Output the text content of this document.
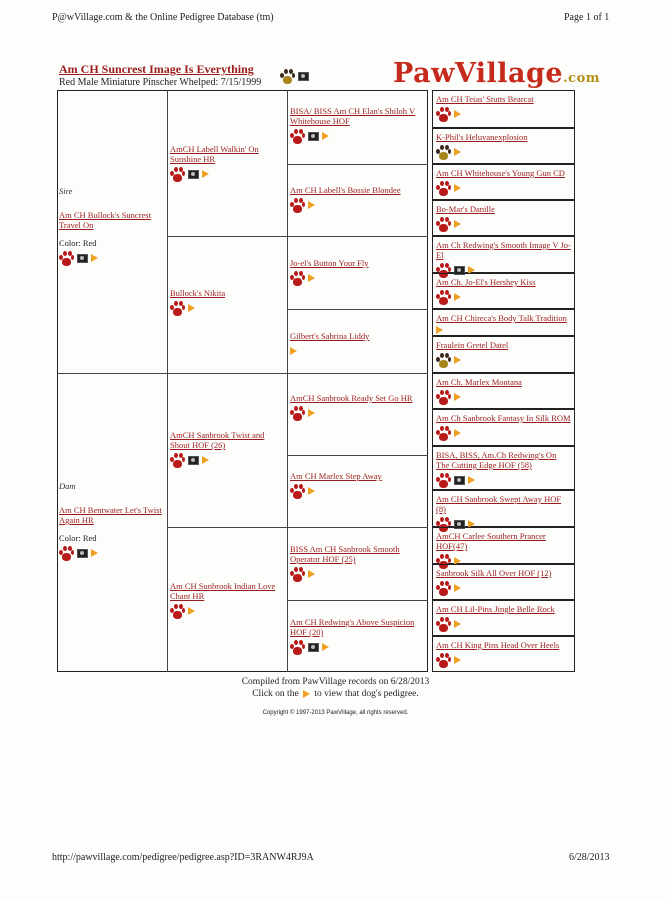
P@wVillage.com & the Online Pedigree Database (tm)	Page 1 of 1
http://pawvillage.com/pedigree/pedigree.asp?ID=3RANW4RJ9A	6/28/2013
Am CH Suncrest Image Is Everything
Red Male Miniature Pinscher Whelped: 7/15/1999	PawVillage.com
Sire
Am CH Bullock's Suncrest Travel On
Color: Red
Dam
Am CH Bentwater Let's Twist Again HR
Color: Red
AmCH Labell Walkin' On Sunshine HR
Bullock's Nikita
AmCH Sanbrook Twist and Shout HOF (26)
Am CH Sunbrook Indian Love Chant HR
BISA/ BISS Am CH Elan's Shiloh V Whitehouse HOF
Am CH Labell's Bossie Blondee
Jo-el's Button Your Fly
Gilbert's Sabrina Liddy
AmCH Sanbrook Ready Set Go HR
Am CH Marlex Step Away
BISS Am CH Sanbrook Smooth Operator HOF (25)
Am CH Redwing's Above Suspicion HOF (20)
Am CH Teias' Stutts Bearcat
K-Phil's Heluvanexplosion
Am CH Whitehouse's Young Gun CD
Bo-Mar's Danille
Am Ch Redwing's Smooth Image V Jo-El
Am Ch. Jo-El's Hershey Kiss
Am CH Chireca's Body Talk Tradition
Fraulein Gretel Datel
Am Ch. Marlex Montana
Am Ch Sanbrook Fantasy In Silk ROM
BISA, BISS, Am.Ch Redwing's On The Cutting Edge HOF (58)
Am CH Sanbrook Swept Away HOF (8)
AmCH Carlee Southern Prancer HOF(47)
Sanbrook Silk All Over HOF (12)
Am CH Lil-Pins Jingle Belle Rock
Am CH King Pins Head Over Heels
Compiled from PawVillage records on 6/28/2013
Click on the to view that dog's pedigree.
Copyright © 1997-2013 PawVillage, all rights reserved.
